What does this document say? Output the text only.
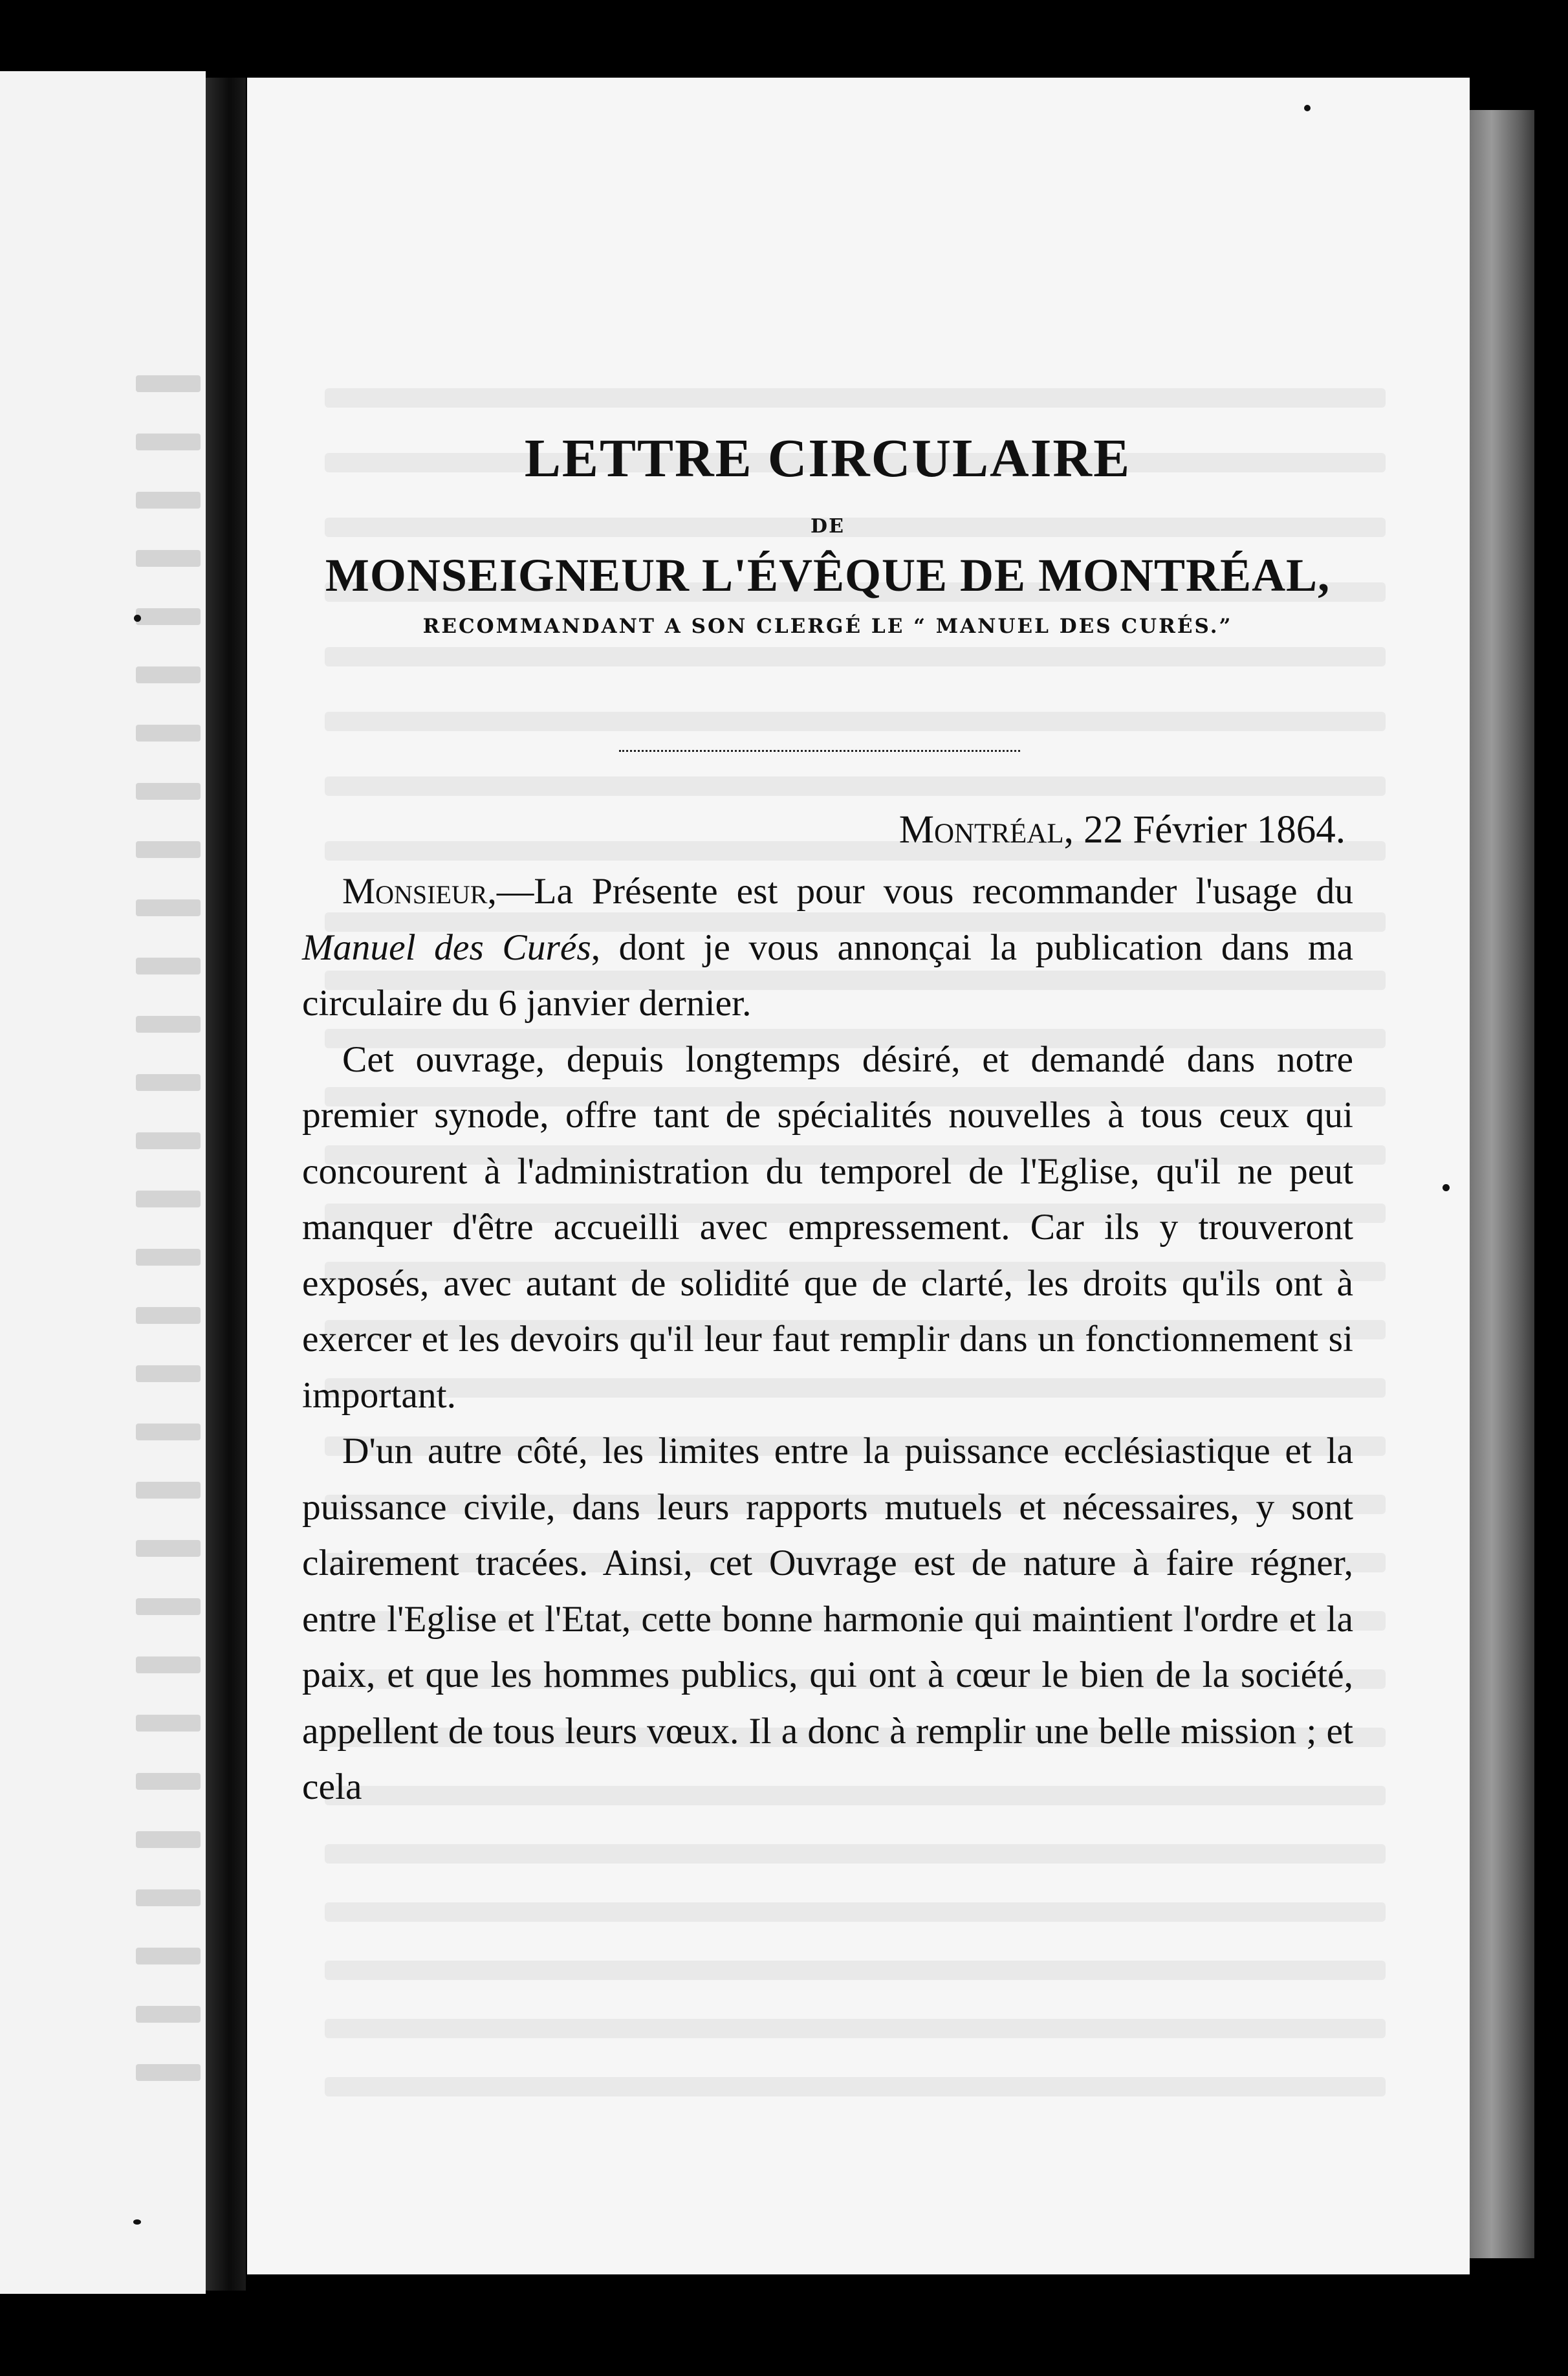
LETTRE CIRCULAIRE
DE
MONSEIGNEUR L'ÉVÊQUE DE MONTRÉAL,
RECOMMANDANT A SON CLERGÉ LE “ MANUEL DES CURÉS.”
Montréal, 22 Février 1864.

Monsieur,—La Présente est pour vous recommander l'usage du Manuel des Curés, dont je vous annonçai la publication dans ma circulaire du 6 janvier dernier.

Cet ouvrage, depuis longtemps désiré, et demandé dans notre premier synode, offre tant de spécialités nouvelles à tous ceux qui concourent à l'administration du temporel de l'Eglise, qu'il ne peut manquer d'être accueilli avec empressement. Car ils y trouveront exposés, avec autant de solidité que de clarté, les droits qu'ils ont à exercer et les devoirs qu'il leur faut remplir dans un fonctionnement si important.

D'un autre côté, les limites entre la puissance ecclésiastique et la puissance civile, dans leurs rapports mutuels et nécessaires, y sont clairement tracées. Ainsi, cet Ouvrage est de nature à faire régner, entre l'Eglise et l'Etat, cette bonne harmonie qui maintient l'ordre et la paix, et que les hommes publics, qui ont à cœur le bien de la société, appellent de tous leurs vœux. Il a donc à remplir une belle mission ; et cela
